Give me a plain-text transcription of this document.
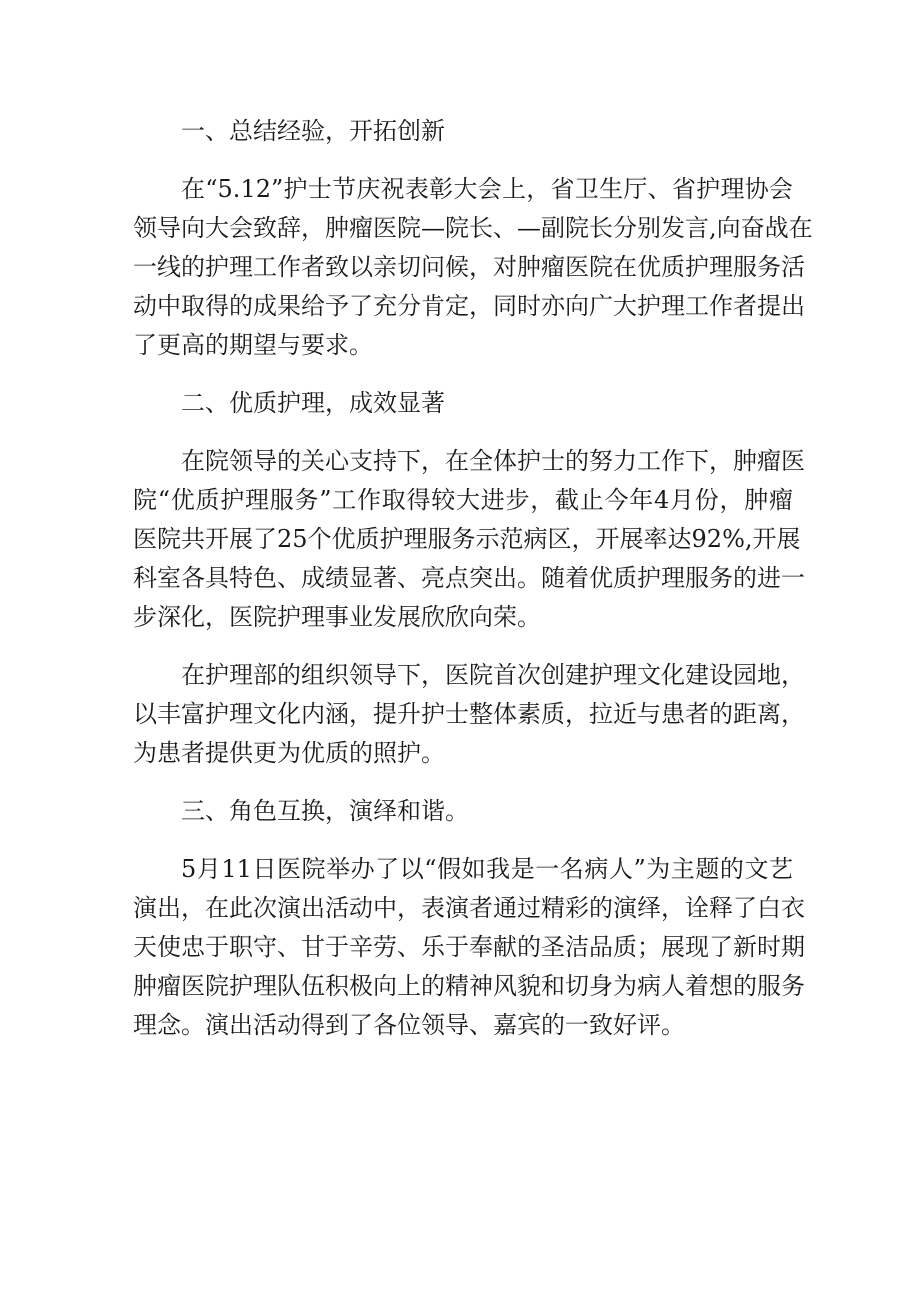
一、总结经验，开拓创新

在“5.12”护士节庆祝表彰大会上，省卫生厅、省护理协会
领导向大会致辞，肿瘤医院—院长、—副院长分别发言,向奋战在
一线的护理工作者致以亲切问候，对肿瘤医院在优质护理服务活
动中取得的成果给予了充分肯定，同时亦向广大护理工作者提出
了更高的期望与要求。

二、优质护理，成效显著

在院领导的关心支持下，在全体护士的努力工作下，肿瘤医
院“优质护理服务”工作取得较大进步，截止今年4月份，肿瘤
医院共开展了25个优质护理服务示范病区，开展率达92%,开展
科室各具特色、成绩显著、亮点突出。随着优质护理服务的进一
步深化，医院护理事业发展欣欣向荣。

在护理部的组织领导下，医院首次创建护理文化建设园地，
以丰富护理文化内涵，提升护士整体素质，拉近与患者的距离，
为患者提供更为优质的照护。

三、角色互换，演绎和谐。

5月11日医院举办了以“假如我是一名病人”为主题的文艺
演出，在此次演出活动中，表演者通过精彩的演绎，诠释了白衣
天使忠于职守、甘于辛劳、乐于奉献的圣洁品质；展现了新时期
肿瘤医院护理队伍积极向上的精神风貌和切身为病人着想的服务
理念。演出活动得到了各位领导、嘉宾的一致好评。
